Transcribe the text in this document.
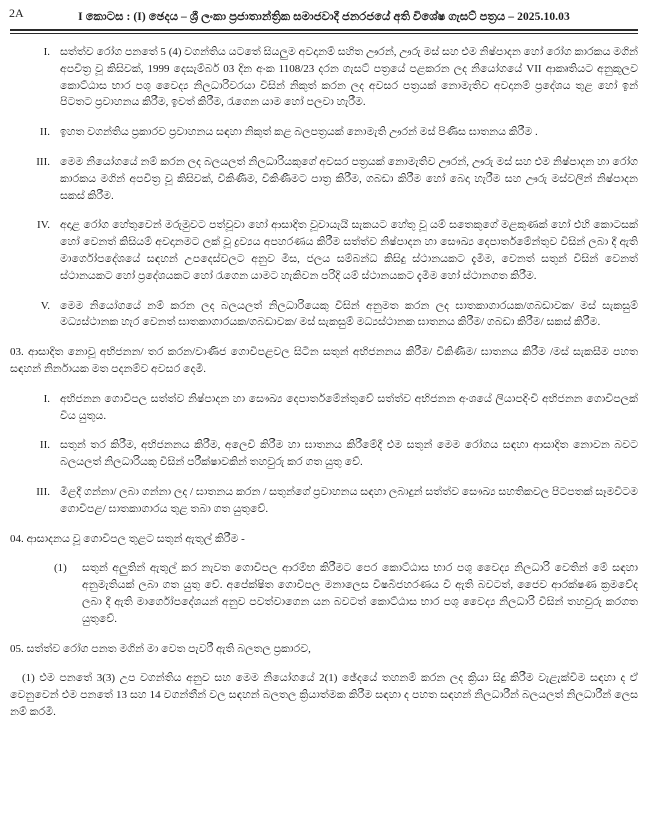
2A	I කොටස : (I) ඡෙදය – ශ්‍රී ලංකා ප්‍රජාතාන්ත්‍රික සමාජවාදී ජනරජයේ අති විශේෂ ගැසට් පත්‍රය – 2025.10.03
I. සත්ත්ව රෝග පනතේ 5 (4) වගන්තිය යටතේ සියලුම අවදානම් සහිත ඌරන්, ඌරු මස් සහ එම නිෂ්පාදන හෝ රෝග කාරකය මගින් අපවිත්‍ර වූ කිසිවක්, 1999 දෙසැම්බර් 03 දින අංක 1108/23 දරන ගැසට් පත්‍රයේ පළකරන ලද නියෝගයේ VII ආකෘතියට අනුකූලව කොට්ඨාස භාර පශු වෛද්‍ය නිලධාරිවරයා විසින් නිකුත් කරන ලද අවසර පත්‍රයක් නොමැතිව අවදානම් ප්‍රදේශය තුළ හෝ ඉන් පිටතට ප්‍රවාහනය කිරීම, ඉවත් කිරීම, රැගෙන යාම හෝ පලවා හැරීම.
II. ඉහත වගන්තිය ප්‍රකාරව ප්‍රවාහනය සඳහා නිකුත් කළ බලපත්‍රයක් නොමැති ඌරන් මස් පිණිස ඝාතනය කිරීම .
III. මෙම නියෝගයේ නම් කරන ලද බලයලත් නිලධාරියකුගේ අවසර පත්‍රයක් නොමැතිව ඌරන්, ඌරු මස් සහ එම නිෂ්පාදන හා රෝග කාරකය මගින් අපවිත්‍ර වූ කිසිවක්, විකිණීම, විකිණීමට පාත්‍ර කිරීම, ගබඩා කිරීම හෝ බෙදා හැරීම සහ ඌරු මස්වලින් නිෂ්පාදන සකස් කිරීම.
IV. අදාළ රෝග හේතුවෙන් මරුමුවට පත්වූවා හෝ ආසාදිත වූවායැයි සැකයට හේතු වූ යම් සතෙකුගේ මළකුණක් හෝ එහි කොටසක් හෝ වෙනත් කිසියම් අවදානමට ලක් වූ ද්‍රව්‍යය අපහරණය කිරීම සත්ත්ව නිෂ්පාදන හා සෞඛ්‍ය දෙපාර්තමේන්තුව විසින් ලබා දී ඇති මාර්ගෝපදේශයේ සඳහන් උපදෙස්වලට අනුව මිස, ජලය සම්බන්ධ කිසිදු ස්ථානයකට දැමීම, වෙනත් සතුන් විසින් වෙනත් ස්ථානයකට හෝ ප්‍රදේශයකට හෝ රැගෙන යාමට හැකිවන පරිදි යම් ස්ථානයකට දැමීම හෝ ස්ථානගත කිරීම.
V. මෙම නියෝගයේ නම් කරන ලද බලයලත් නිලධාරියෙකු විසින් අනුමත කරන ලද ඝාතකාගාරයක/ගබඩාවක/ මස් සැකසුම් මධ්‍යස්ථානක හැර වෙනත් ඝාතකාගාරයක/ගබඩාවක/ මස් සැකසුම් මධ්‍යස්ථානක ඝාතනය කිරීම/ ගබඩා කිරීම/ සකස් කිරීම.
03. ආසාදිත නොවූ අභිජනන/ තර කරන/වාණිජ ගොවිපළවල සිටින සතුන් අභිජනනය කිරීම/ විකිණීම/ ඝාතනය කිරීම /මස් සැකසීම පහත සඳහන් නිර්නායක මත පදනම්ව අවසර දෙමි.
I. අභිජනන ගොවිපල සත්ත්ව නිෂ්පාදන හා සෞඛ්‍ය දෙපාර්තමේන්තුවේ සත්ත්ව අභිජනන අංශයේ ලියාපදිංචි අභිජනන ගොවිපලක් විය යුතුය.
II. සතුන් තර කිරීම, අභිජනනය කිරීම, අලෙවි කිරීම හා ඝාතනය කිරීමේදී එම සතුන් මෙම රෝගය සඳහා ආසාදිත නොවන බවට බලයලත් නිලධාරියකු විසින් පරීක්ෂාවකින් තහවුරු කර ගත යුතු වේ.
III. මිළදී ගන්නා/ ලබා ගන්නා ලද / ඝාතනය කරන / සතුන්ගේ ප්‍රවාහනය සඳහා ලබාදුන් සත්ත්ව සෞඛ්‍ය සහතිකවල පිටපතක් සෑමවිටම ගොවිපළ/ ඝාතකාගාරය තුළ තබා ගත යුතුවේ.
04. ආසාදනය වූ ගොවිපල තුළට සතුන් ඇතුල් කිරීම -
(1)	සතුන් අලුතින් ඇතුල් කර නැවත ගොවිපල ආරම්භ කිරීමට පෙර කොට්ඨාස භාර පශු වෛද්‍ය නිලධාරි වෙතින් මේ සඳහා අනුමැතියක් ලබා ගත යුතු වේ. අපේක්ෂිත ගොවිපල මනාලෙස විෂබීජහරණය වී ඇති බවටත්, ජෛව ආරක්ෂණ ක්‍රමවේද ලබා දී ඇති මාර්ගෝපදේශයන් අනුව පවත්වාගෙන යන බවටත් කොට්ඨාස භාර පශු වෛද්‍ය නිලධාරි විසින් තහවුරු කරගත යුතුවේ.
05. සත්ත්ව රෝග පනත මගින් මා වෙත පැවරී ඇති බලතල ප්‍රකාරව,
(1) එම පනතේ 3(3) උප වගන්තිය අනුව සහ මෙම නියෝගයේ 2(1) ඡේදයේ තහනම් කරන ලද ක්‍රියා සිදු කිරීම වැළැක්වීම සඳහා ද ඒ වෙනුවෙන් එම පනතේ 13 සහ 14 වගන්තීන් වල සඳහන් බලතල ක්‍රියාත්මක කිරීම සඳහා ද පහත සඳහන් නිලධාරීන් බලයලත් නිලධාරීන් ලෙස නම් කරමි.
